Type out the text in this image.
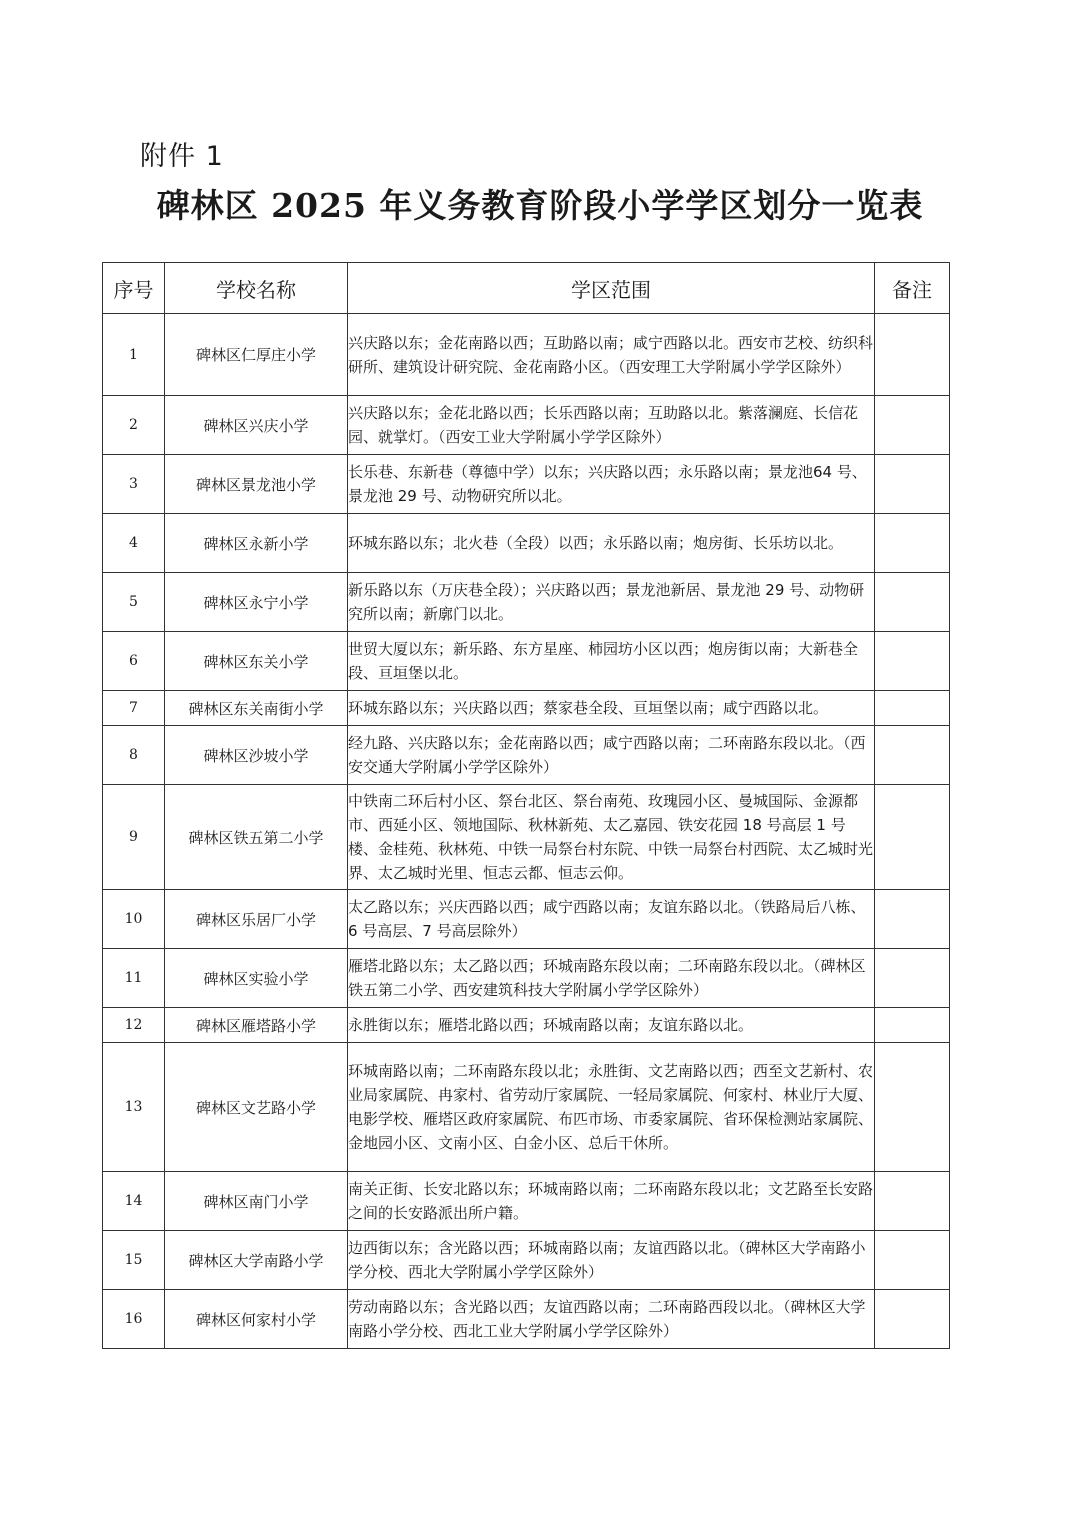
附件 1
碑林区 2025 年义务教育阶段小学学区划分一览表
序号	学校名称	学区范围	备注
1	碑林区仁厚庄小学	兴庆路以东；金花南路以西；互助路以南；咸宁西路以北。西安市艺校、纺织科研所、建筑设计研究院、金花南路小区。（西安理工大学附属小学学区除外）	
2	碑林区兴庆小学	兴庆路以东；金花北路以西；长乐西路以南；互助路以北。紫落澜庭、长信花园、就掌灯。（西安工业大学附属小学学区除外）	
3	碑林区景龙池小学	长乐巷、东新巷（尊德中学）以东；兴庆路以西；永乐路以南；景龙池64 号、景龙池 29 号、动物研究所以北。	
4	碑林区永新小学	环城东路以东；北火巷（全段）以西；永乐路以南；炮房街、长乐坊以北。	
5	碑林区永宁小学	新乐路以东（万庆巷全段）；兴庆路以西；景龙池新居、景龙池 29 号、动物研究所以南；新廓门以北。	
6	碑林区东关小学	世贸大厦以东；新乐路、东方星座、柿园坊小区以西；炮房街以南；大新巷全段、亘垣堡以北。	
7	碑林区东关南街小学	环城东路以东；兴庆路以西；蔡家巷全段、亘垣堡以南；咸宁西路以北。	
8	碑林区沙坡小学	经九路、兴庆路以东；金花南路以西；咸宁西路以南；二环南路东段以北。（西安交通大学附属小学学区除外）	
9	碑林区铁五第二小学	中铁南二环后村小区、祭台北区、祭台南苑、玫瑰园小区、曼城国际、金源都市、西延小区、领地国际、秋林新苑、太乙嘉园、铁安花园 18 号高层 1 号楼、金桂苑、秋林苑、中铁一局祭台村东院、中铁一局祭台村西院、太乙城时光界、太乙城时光里、恒志云都、恒志云仰。	
10	碑林区乐居厂小学	太乙路以东；兴庆西路以西；咸宁西路以南；友谊东路以北。（铁路局后八栋、6 号高层、7 号高层除外）	
11	碑林区实验小学	雁塔北路以东；太乙路以西；环城南路东段以南；二环南路东段以北。（碑林区铁五第二小学、西安建筑科技大学附属小学学区除外）	
12	碑林区雁塔路小学	永胜街以东；雁塔北路以西；环城南路以南；友谊东路以北。	
13	碑林区文艺路小学	环城南路以南；二环南路东段以北；永胜街、文艺南路以西；西至文艺新村、农业局家属院、冉家村、省劳动厅家属院、一轻局家属院、何家村、林业厅大厦、电影学校、雁塔区政府家属院、布匹市场、市委家属院、省环保检测站家属院、金地园小区、文南小区、白金小区、总后干休所。	
14	碑林区南门小学	南关正街、长安北路以东；环城南路以南；二环南路东段以北；文艺路至长安路之间的长安路派出所户籍。	
15	碑林区大学南路小学	边西街以东；含光路以西；环城南路以南；友谊西路以北。（碑林区大学南路小学分校、西北大学附属小学学区除外）	
16	碑林区何家村小学	劳动南路以东；含光路以西；友谊西路以南；二环南路西段以北。（碑林区大学南路小学分校、西北工业大学附属小学学区除外）	
